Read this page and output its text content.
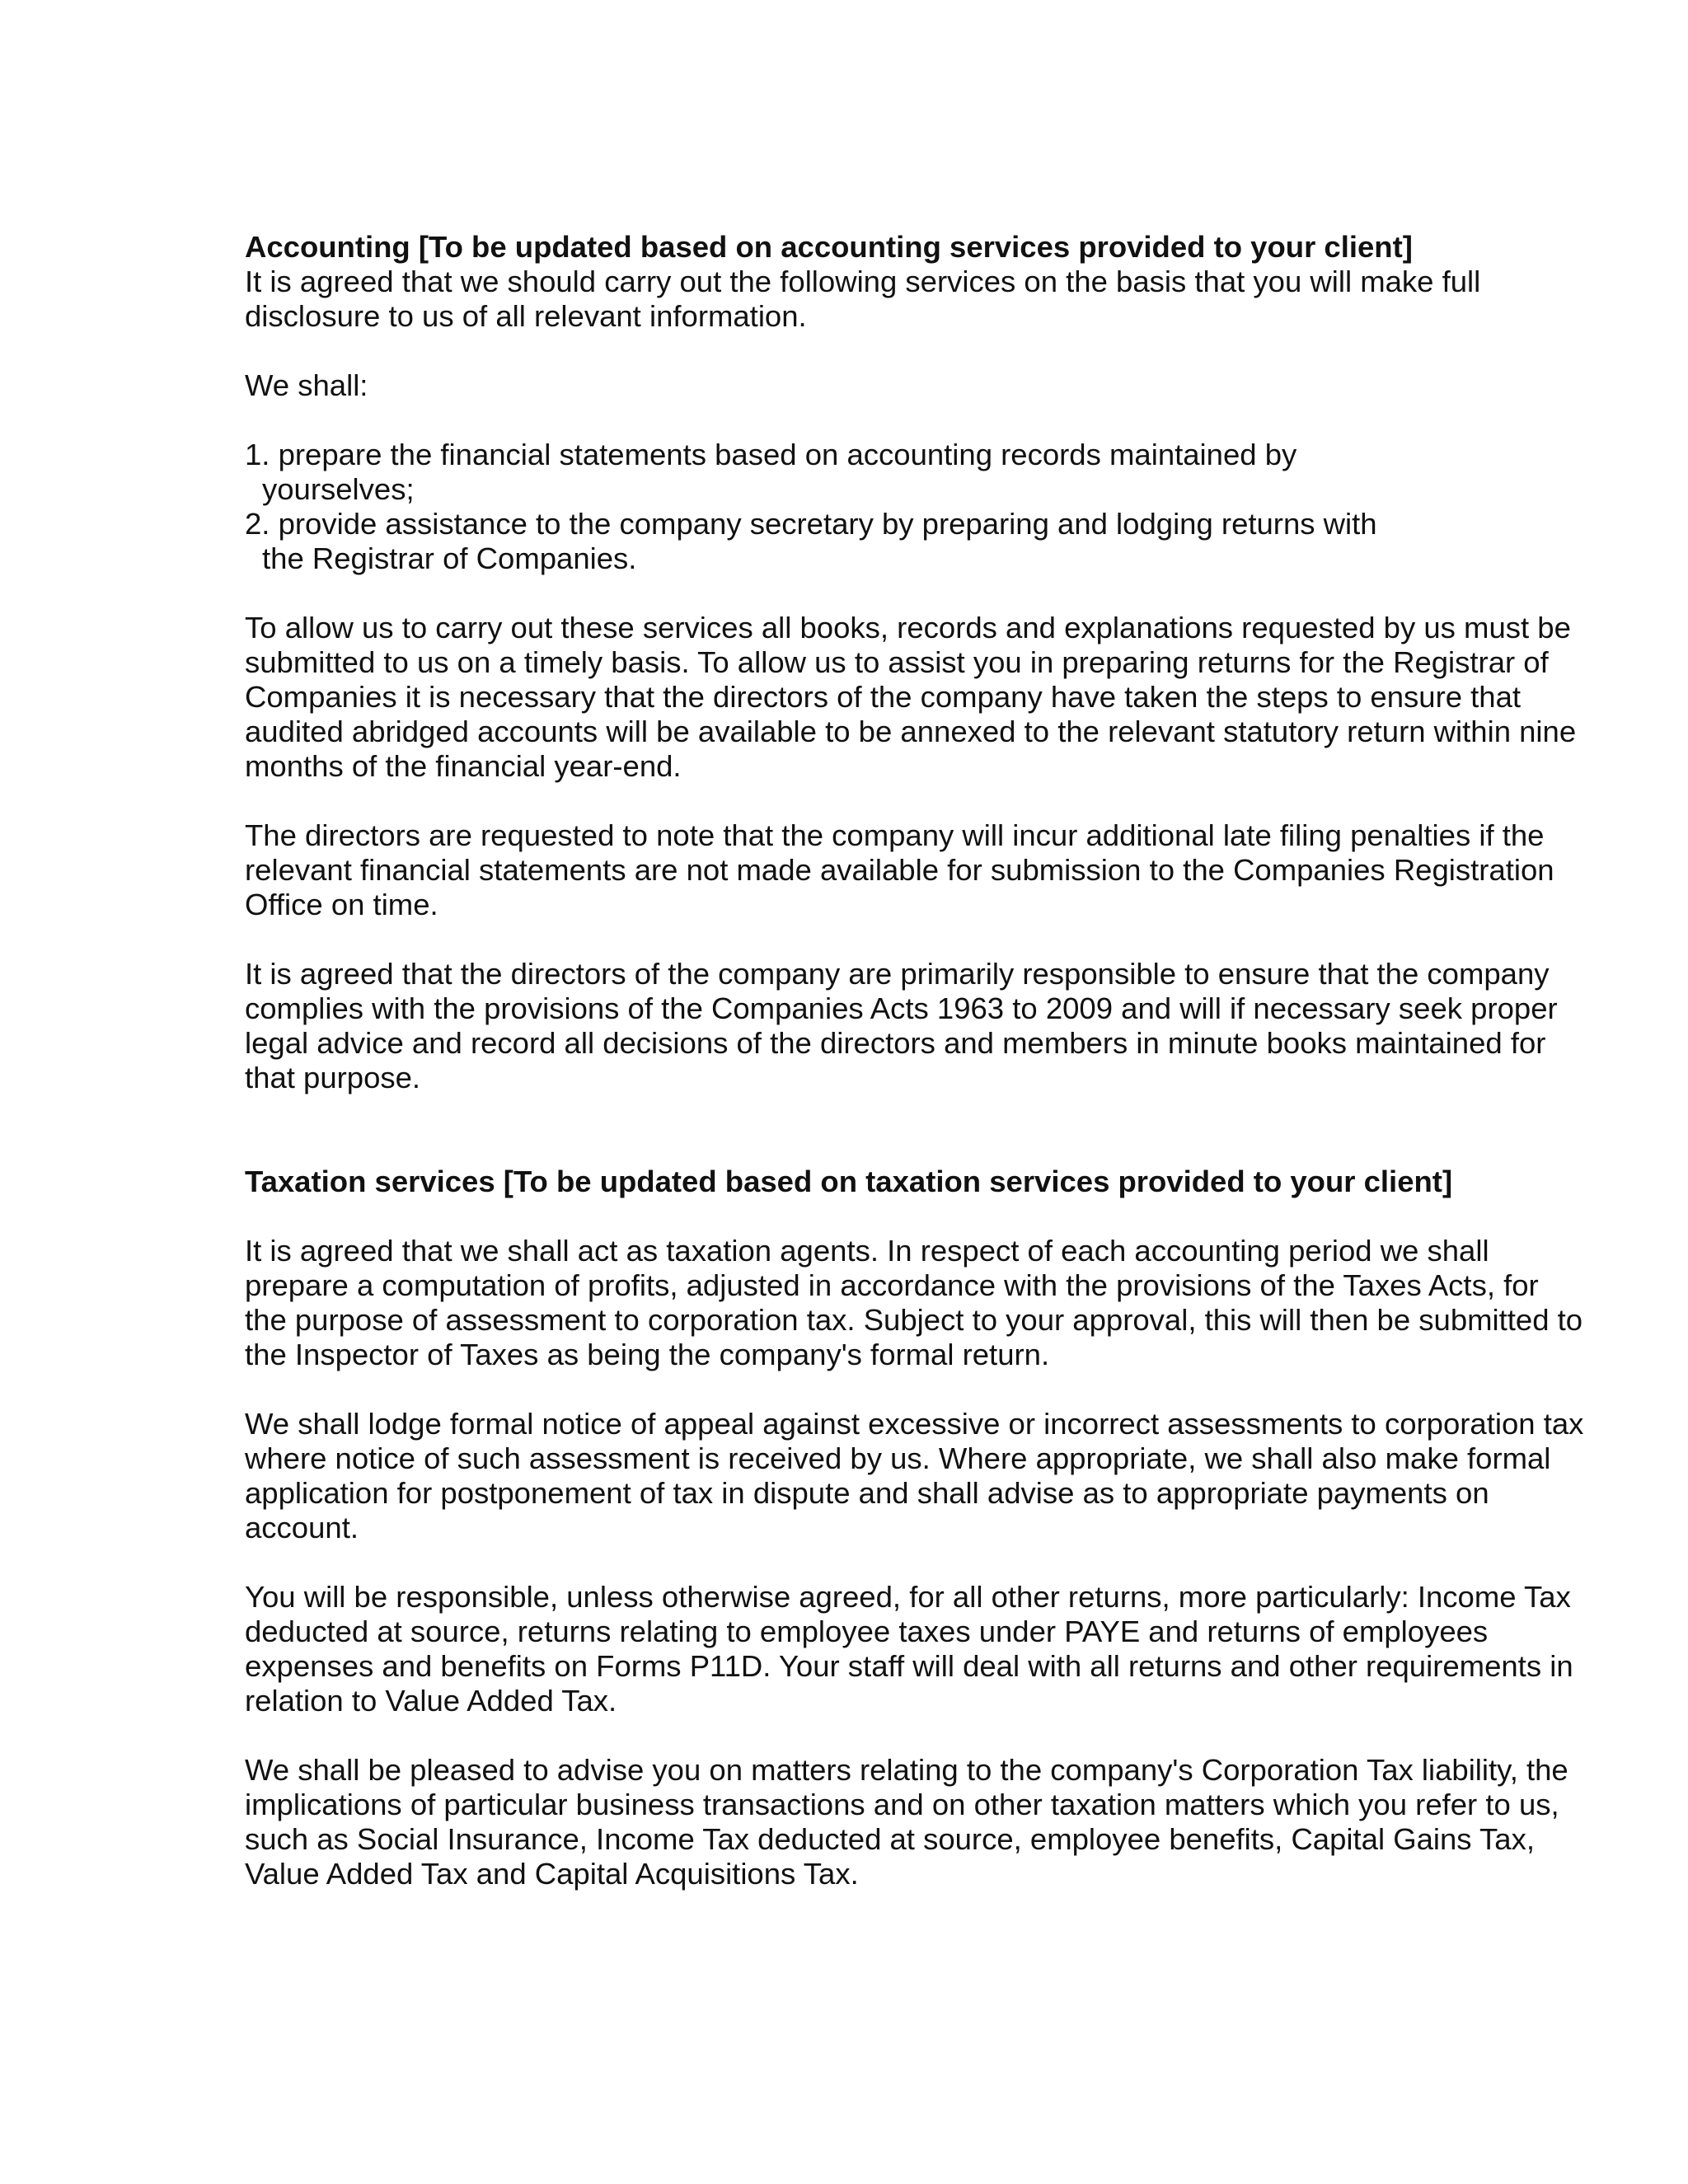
Accounting [To be updated based on accounting services provided to your client]

It is agreed that we should carry out the following services on the basis that you will make full
disclosure to us of all relevant information.

We shall:

1. prepare the financial statements based on accounting records maintained by
yourselves;
2. provide assistance to the company secretary by preparing and lodging returns with
the Registrar of Companies.

To allow us to carry out these services all books, records and explanations requested by us must be
submitted to us on a timely basis. To allow us to assist you in preparing returns for the Registrar of
Companies it is necessary that the directors of the company have taken the steps to ensure that
audited abridged accounts will be available to be annexed to the relevant statutory return within nine
months of the financial year-end.

The directors are requested to note that the company will incur additional late filing penalties if the
relevant financial statements are not made available for submission to the Companies Registration
Office on time.

It is agreed that the directors of the company are primarily responsible to ensure that the company
complies with the provisions of the Companies Acts 1963 to 2009 and will if necessary seek proper
legal advice and record all decisions of the directors and members in minute books maintained for
that purpose.

Taxation services [To be updated based on taxation services provided to your client]

It is agreed that we shall act as taxation agents. In respect of each accounting period we shall
prepare a computation of profits, adjusted in accordance with the provisions of the Taxes Acts, for
the purpose of assessment to corporation tax. Subject to your approval, this will then be submitted to
the Inspector of Taxes as being the company's formal return.

We shall lodge formal notice of appeal against excessive or incorrect assessments to corporation tax
where notice of such assessment is received by us. Where appropriate, we shall also make formal
application for postponement of tax in dispute and shall advise as to appropriate payments on
account.

You will be responsible, unless otherwise agreed, for all other returns, more particularly: Income Tax
deducted at source, returns relating to employee taxes under PAYE and returns of employees
expenses and benefits on Forms P11D. Your staff will deal with all returns and other requirements in
relation to Value Added Tax.

We shall be pleased to advise you on matters relating to the company's Corporation Tax liability, the
implications of particular business transactions and on other taxation matters which you refer to us,
such as Social Insurance, Income Tax deducted at source, employee benefits, Capital Gains Tax,
Value Added Tax and Capital Acquisitions Tax.
